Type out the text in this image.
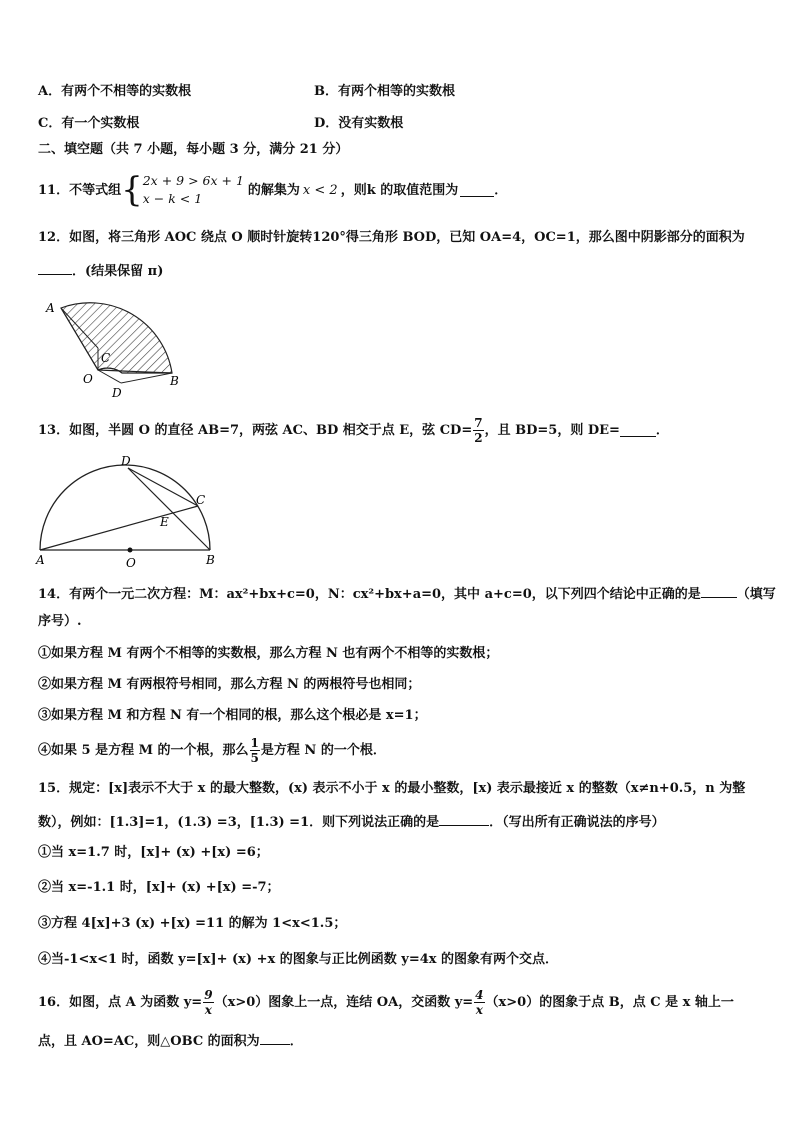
A．有两个不相等的实数根	B．有两个相等的实数根
C．有一个实数根	D．没有实数根
二、填空题（共 7 小题，每小题 3 分，满分 21 分）
11．不等式组 { 2x + 9 > 6x + 1
x − k < 1
的解集为 x < 2 ，则k 的取值范围为	．
12．如图，将三角形 AOC 绕点 O 顺时针旋转120°得三角形 BOD，已知 OA=4，OC=1，那么图中阴影部分的面积为
．(结果保留 π)
A
C
O
D
B
13．如图，半圆 O 的直径 AB=7，两弦 AC、BD 相交于点 E，弦 $CD= \frac{7}{2}$ ，且 BD=5，则 DE=	．
D
C
E
A	O	B
14．有两个一元二次方程：M：ax²+bx+c=0，N：cx²+bx+a=0，其中 a+c=0，以下列四个结论中正确的是	（填写
序号）.
①如果方程 M 有两个不相等的实数根，那么方程 N 也有两个不相等的实数根；
②如果方程 M 有两根符号相同，那么方程 N 的两根符号也相同；
③如果方程 M 和方程 N 有一个相同的根，那么这个根必是 x=1；
④如果 5 是方程 M 的一个根，那么 $\frac{1}{5}$ 是方程 N 的一个根．
15．规定：[x]表示不大于 x 的最大整数，(x) 表示不小于 x 的最小整数，[x) 表示最接近 x 的整数（x≠n+0.5，n 为整
数），例如：[1.3]=1，(1.3) =3，[1.3) =1．则下列说法正确的是	．（写出所有正确说法的序号）
①当 x=1.7 时，[x]+ (x) +[x) =6；
②当 x=-1.1 时，[x]+ (x) +[x) =-7；
③方程 4[x]+3 (x) +[x) =11 的解为 1<x<1.5；
④当-1<x<1 时，函数 y=[x]+ (x) +x 的图象与正比例函数 y=4x 的图象有两个交点．
16．如图，点 A 为函数 $y= \frac{9}{x} (x>0)$图象上一点，连结 OA，交函数 $y= \frac{4}{x} (x>0)$的图象于点 B，点 C 是 x 轴上一
点，且 AO=AC，则△OBC 的面积为 ．
